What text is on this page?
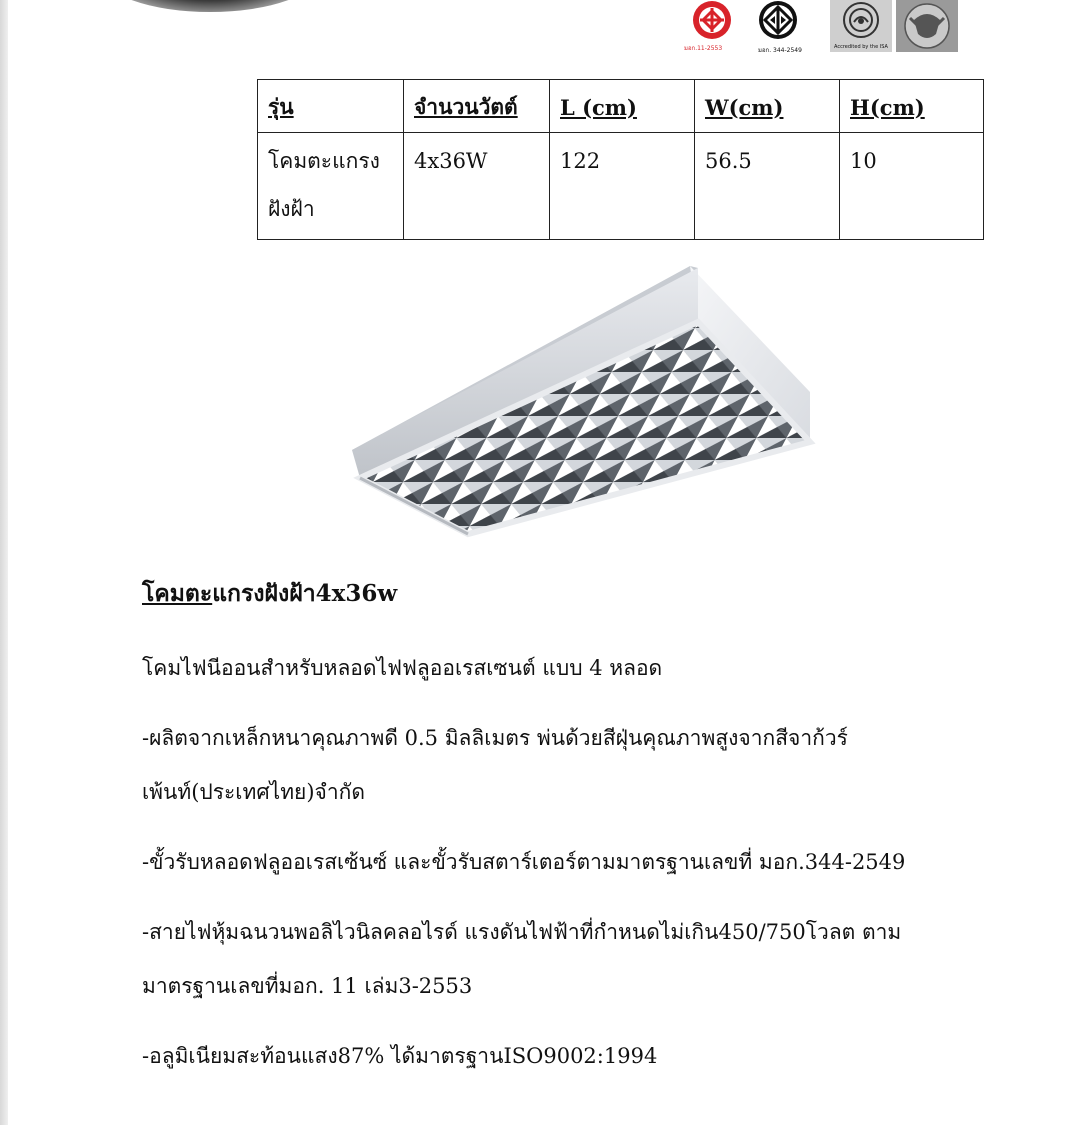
มอก.11-2553	มอก. 344-2549	Accredited by the ISA
รุ่น	จำนวนวัตต์	L (cm)	W(cm)	H(cm)

โคมตะแกรง
ฝังฝ้า	4x36W	122	56.5	10
โคมตะแกรงฝังฝ้า4x36w
โคมไฟนีออนสำหรับหลอดไฟฟลูออเรสเซนต์ แบบ 4 หลอด
-ผลิตจากเหล็กหนาคุณภาพดี 0.5 มิลลิเมตร พ่นด้วยสีฝุ่นคุณภาพสูงจากสีจาก้วร์
เพ้นท์(ประเทศไทย)จำกัด
-ขั้วรับหลอดฟลูออเรสเซ้นซ์ และขั้วรับสตาร์เตอร์ตามมาตรฐานเลขที่ มอก.344-2549
-สายไฟหุ้มฉนวนพอลิไวนิลคลอไรด์ แรงดันไฟฟ้าที่กำหนดไม่เกิน450/750โวลต ตาม
มาตรฐานเลขที่มอก. 11 เล่ม3-2553
-อลูมิเนียมสะท้อนแสง87% ได้มาตรฐานISO9002:1994
